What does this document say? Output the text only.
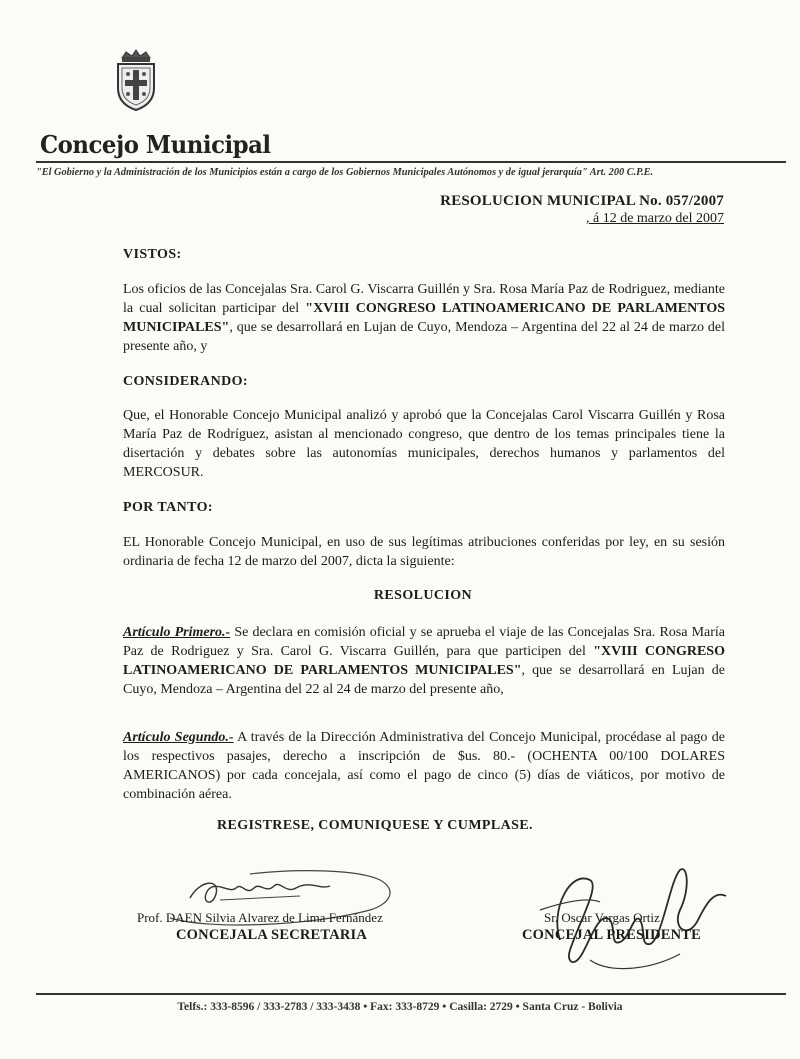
Concejo Municipal
"El Gobierno y la Administración de los Municipios están a cargo de los Gobiernos Municipales Autónomos y de igual jerarquía" Art. 200 C.P.E.
RESOLUCION MUNICIPAL No. 057/2007
, á 12 de marzo del 2007
VISTOS:
Los oficios de las Concejalas Sra. Carol G. Viscarra Guillén y Sra. Rosa María Paz de Rodriguez, mediante la cual solicitan participar del "XVIII CONGRESO LATINOAMERICANO DE PARLAMENTOS MUNICIPALES", que se desarrollará en Lujan de Cuyo, Mendoza – Argentina del 22 al 24 de marzo del presente año, y
CONSIDERANDO:
Que, el Honorable Concejo Municipal analizó y aprobó que la Concejalas Carol Viscarra Guillén y Rosa María Paz de Rodríguez, asistan al mencionado congreso, que dentro de los temas principales tiene la disertación y debates sobre las autonomías municipales, derechos humanos y parlamentos del MERCOSUR.
POR TANTO:
EL Honorable Concejo Municipal, en uso de sus legítimas atribuciones conferidas por ley, en su sesión ordinaria de fecha 12 de marzo del 2007, dicta la siguiente:
RESOLUCION
Artículo Primero.- Se declara en comisión oficial y se aprueba el viaje de las Concejalas Sra. Rosa María Paz de Rodriguez y Sra. Carol G. Viscarra Guillén, para que participen del "XVIII CONGRESO LATINOAMERICANO DE PARLAMENTOS MUNICIPALES", que se desarrollará en Lujan de Cuyo, Mendoza – Argentina del 22 al 24 de marzo del presente año,
Artículo Segundo.- A través de la Dirección Administrativa del Concejo Municipal, procédase al pago de los respectivos pasajes, derecho a inscripción de $us. 80.- (OCHENTA 00/100 DOLARES AMERICANOS) por cada concejala, así como el pago de cinco (5) días de viáticos, por motivo de combinación aérea.
REGISTRESE, COMUNIQUESE Y CUMPLASE.
Prof. DAEN Silvia Alvarez de Lima Fernández
CONCEJALA SECRETARIA
Sr. Oscar Vargas Ortiz
CONCEJAL PRESIDENTE
Telfs.: 333-8596 / 333-2783 / 333-3438 • Fax: 333-8729 • Casilla: 2729 • Santa Cruz - Bolivia
